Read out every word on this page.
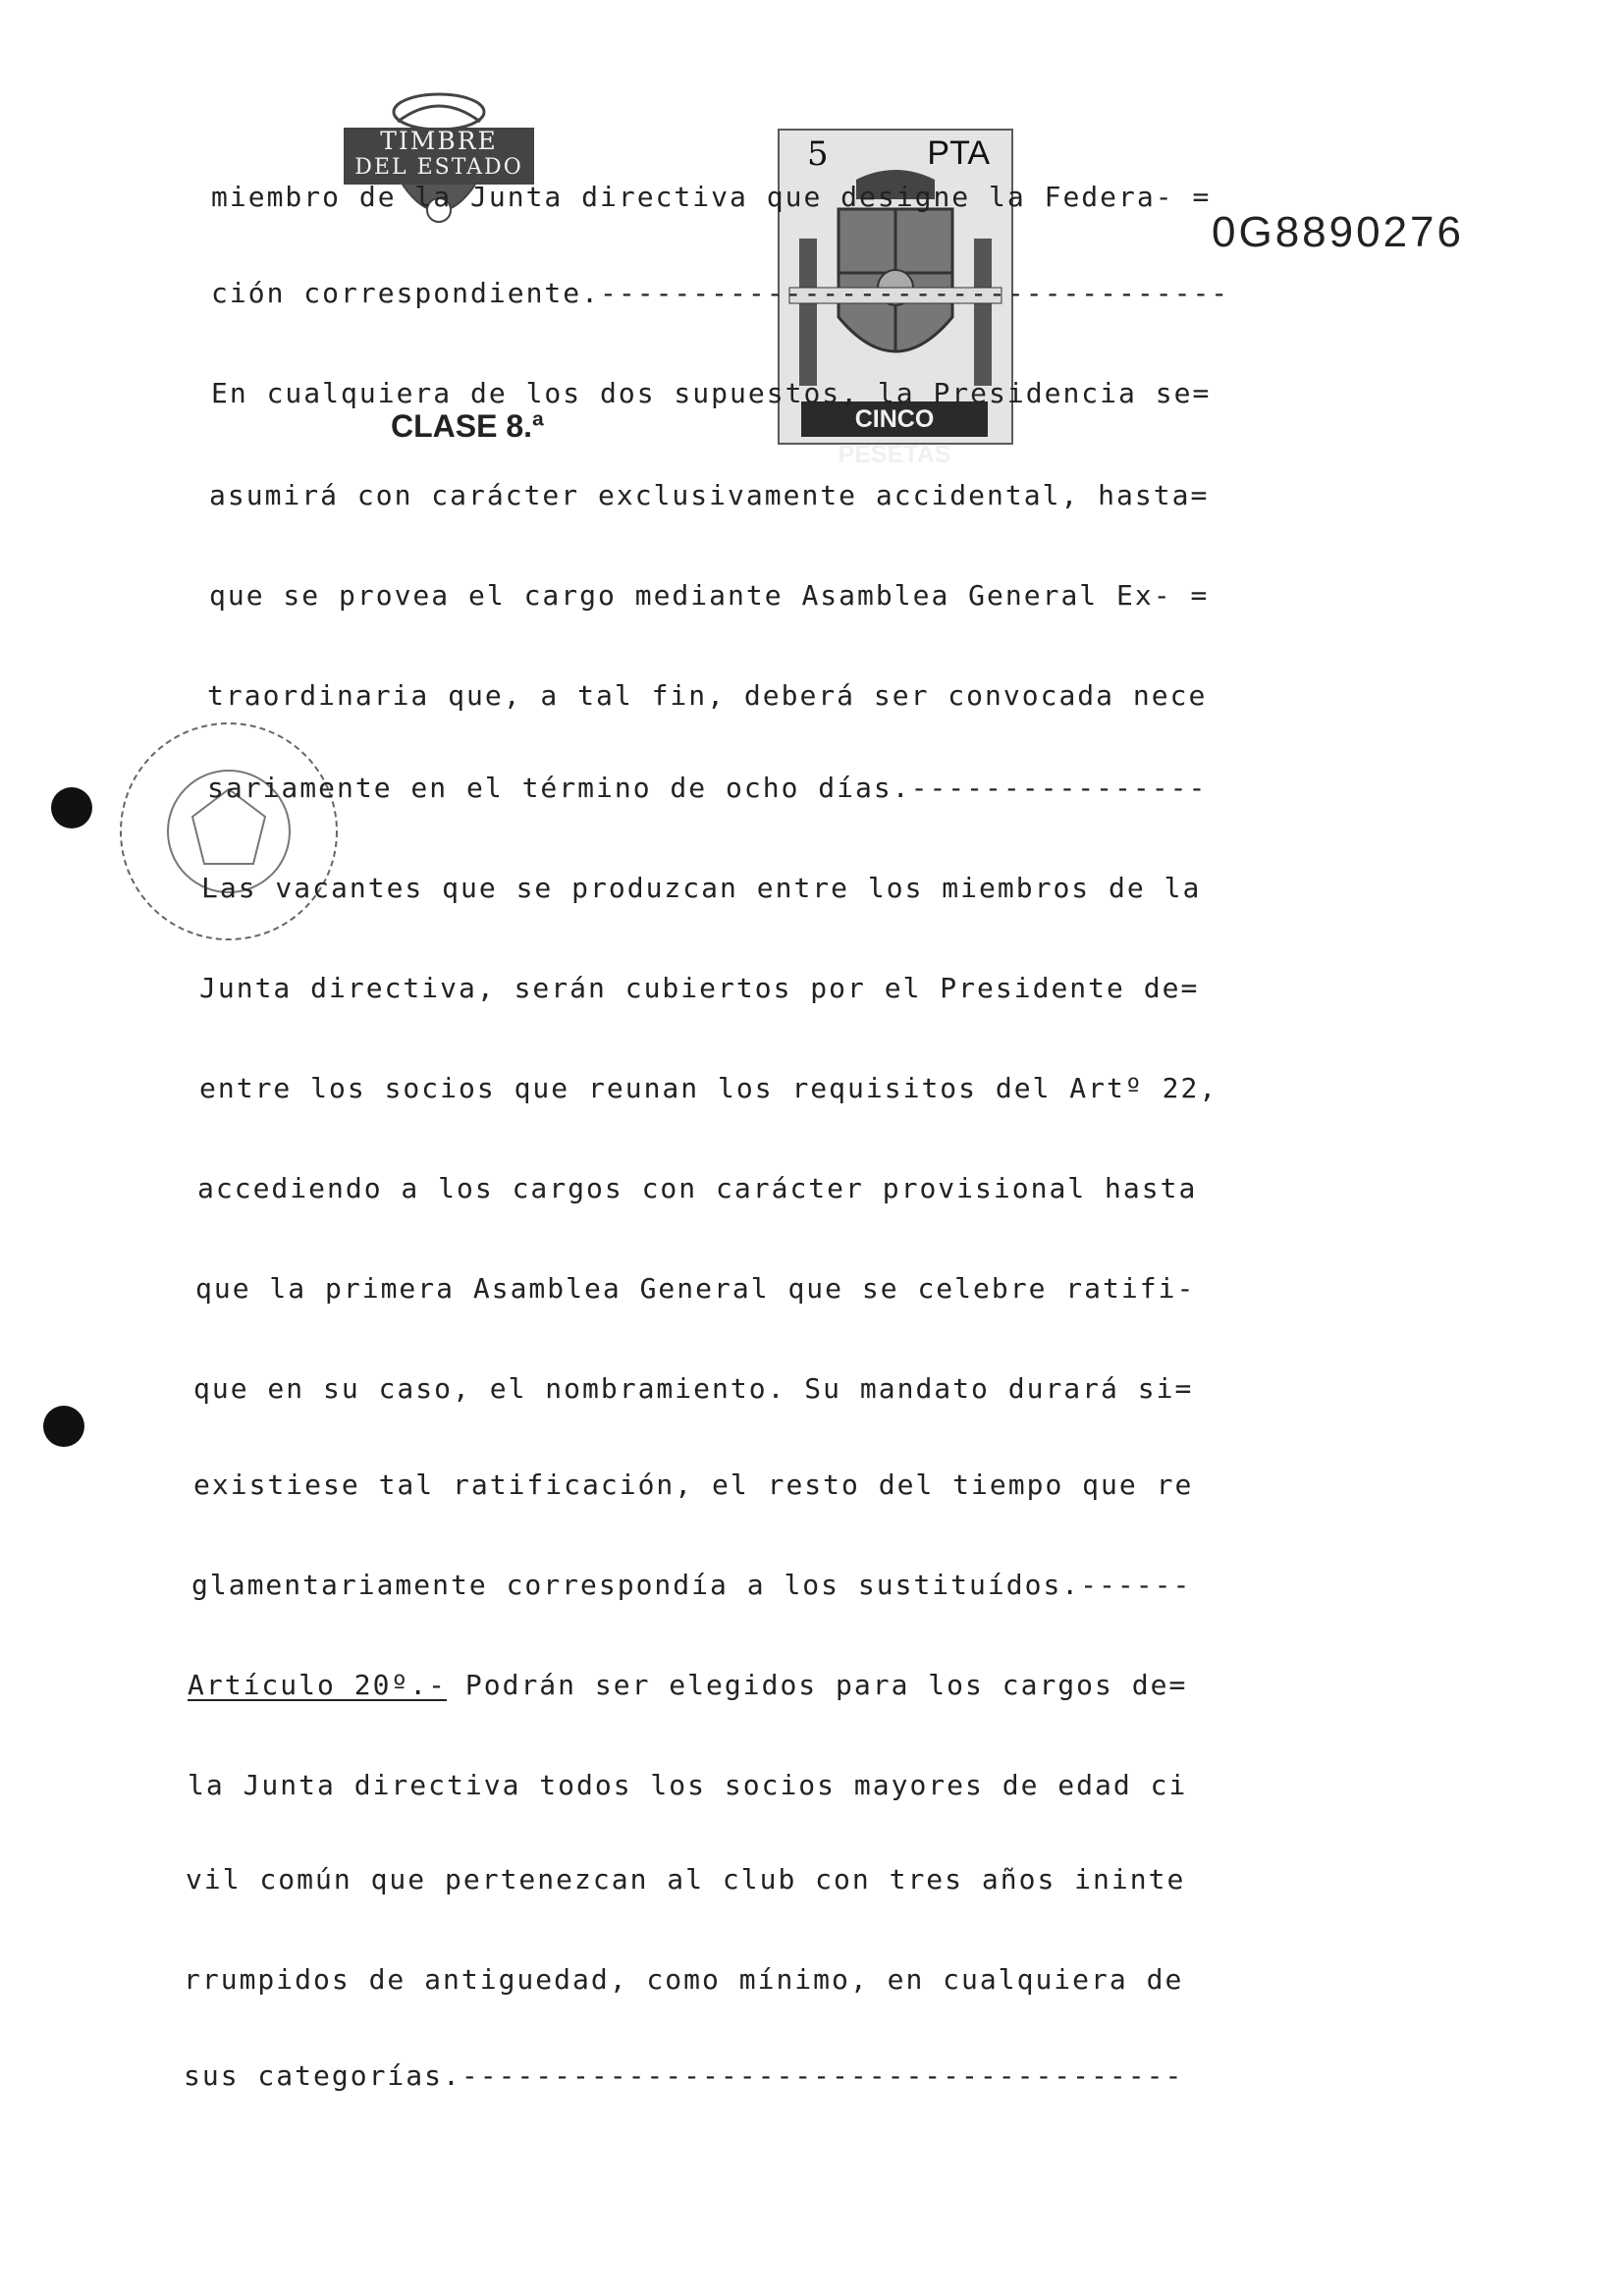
TIMBRE
DEL ESTADO	5	PTA
CINCO PESETAS
0G8890276
CLASE 8.ª
miembro de la Junta directiva que designe la Federa- =
ción correspondiente.----------------------------------
En cualquiera de los dos supuestos, la Presidencia se=
asumirá con carácter exclusivamente accidental, hasta=
que se provea el cargo mediante Asamblea General Ex- =
traordinaria que, a tal fin, deberá ser convocada nece
sariamente en el término de ocho días.----------------
Las vacantes que se produzcan entre los miembros de la
Junta directiva, serán cubiertos por el Presidente de=
entre los socios que reunan los requisitos del Artº 22,
accediendo a los cargos con carácter provisional hasta
que la primera Asamblea General que se celebre ratifi-
que en su caso, el nombramiento. Su mandato durará si=
existiese tal ratificación, el resto del tiempo que re
glamentariamente correspondía a los sustituídos.------
Artículo 20º.- Podrán ser elegidos para los cargos de=
la Junta directiva todos los socios mayores de edad ci
vil común que pertenezcan al club con tres años ininte
rrumpidos de antiguedad, como mínimo, en cualquiera de
sus categorías.---------------------------------------
